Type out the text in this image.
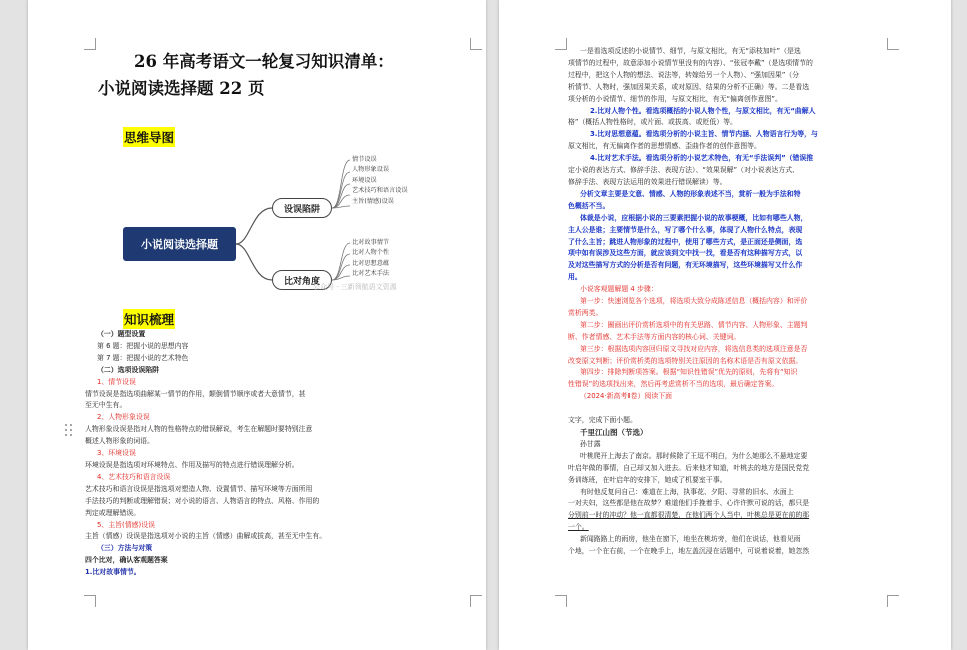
26 年高考语文一轮复习知识清单：
小说阅读选择题 22 页
思维导图
小说阅读选择题
设误陷阱
比对角度
情节设误
人物形象设误
环境设误
艺术技巧和语言设误
主旨(情感)设误
比对故事情节
比对人物个性
比对思想意蕴
比对艺术手法
公众号 · 三新领航语文资源
知识梳理
（一）题型设置
第 6 题：把握小说的思想内容
第 7 题：把握小说的艺术特色
（二）选项设误陷阱
1、情节设误
情节设误是指选项曲解某一情节的作用，颠倒情节顺序或者大意情节，甚
至无中生有。
2、人物形象设误
人物形象设误是指对人物的性格特点的错误解说，考生在解题时要特别注意
概述人物形象的词语。
3、环境设误
环境设误是指选项对环境特点、作用及描写的特点进行错误理解分析。
4、艺术技巧和语言设误
艺术技巧和语言设误是指选项对塑造人物、设置情节、描写环境等方面所用
手法技巧的判断或理解错误；对小说的语言、人物语言的特点、风格、作用的
判定或理解错误。
5、主旨(情感)设误
主旨（情感）设误是指选项对小说的主旨（情感）曲解或拔高，甚至无中生有。
（三）方法与对策
四个比对，确认客观题答案
1.比对故事情节。
一是看选项反述的小说情节、细节，与原文相比，有无“添枝加叶”（是选
项情节的过程中，故意添加小说情节里没有的内容）、“张冠李戴”（是选项情节的
过程中，把这个人物的想法、说法等，转嫁给另一个人物）、“强加因果”（分
析情节、人物时，强加因果关系，或对原因、结果的分析不正确）等。二是看选
项分析的小说情节、细节的作用，与原文相比，有无“偏离创作意图”。
2.比对人物个性。看选项概括的小说人物个性，与原文相比，有无“曲解人
格”（概括人物性格时，或片面、或拔高、或贬低）等。
3.比对思想意蕴。看选项分析的小说主旨、情节内涵、人物语言行为等，与
原文相比，有无偏离作者的思想情感、歪曲作者的创作意图等。
4.比对艺术手法。看选项分析的小说艺术特色，有无“手法误判”（错误推
定小说的表达方式、修辞手法、表现方法）、“效果误解”（对小说表达方式、
修辞手法、表现方法运用的效果进行错误解读）等。
分析文章主要是文意、情感、人物的形象表述不当，赏析一般为手法和特
色概括不当。
体裁是小说，应根据小说的三要素把握小说的故事梗概，比如有哪些人物，
主人公是谁；主要情节是什么，写了哪个什么事，体现了人物什么特点，表现
了什么主旨；跳进人物形象的过程中，使用了哪些方式，是正面还是侧面，选
项中如有误涉及这些方面，就应该到文中找一找，看是否有这种描写方式，以
及对这些描写方式的分析是否有问题，有无环境描写，这些环境描写又什么作
用。
小说客观题解题 4 步骤：
第一步：快速浏览各个选项，将选项大致分成陈述信息（概括内容）和评价
赏析两类。
第二步：圈画出评价赏析选项中的有关思路、情节内容、人物形象、主题判
断、作者情感、艺术手法等方面内容的核心词、关键词。
第三步：根据选项内容回归原文寻找对应内容，将选信息类的选项注意是否
改变原文判断；评价赏析类的选项特别关注原因的名称术语是否有原文依据。
第四步：排除判断项答案。根据“知识性错误”优先的原则，先将有“知识
性错误”的选项找出来，然后再考虑赏析不当的选项，最后确定答案。
（2024·新高考Ⅱ卷）阅读下面
文字，完成下面小题。
千里江山图（节选）
孙甘露
叶桃爬开上海去了南京。那时候除了王逗不明白，为什么她那么不悬地定要
叶启年做的事情，自己却又加入进去。后来他才知道，叶桃去的地方是国民党党
务训练班，在叶启年的安排下，她成了机要室干事。
有时他反复问自己：难道在上海，执事花、夕阳、寻常的旧水、水面上
一对夫妇，这些都是他在故梦？难道他们手挽着手、心许许默可说的话，都只是
分别前一时的冲动？他一直都很清楚，在他们两个人当中，叶桃总是更在前的那
一个。
新闻路路上的雨房，他坐在窗下，地坐在桃坊旁，他们在说话，他看见雨
个地，一个在右前，一个在晚手上，地左盖沉浸在话题中，可说着说着，她忽然
